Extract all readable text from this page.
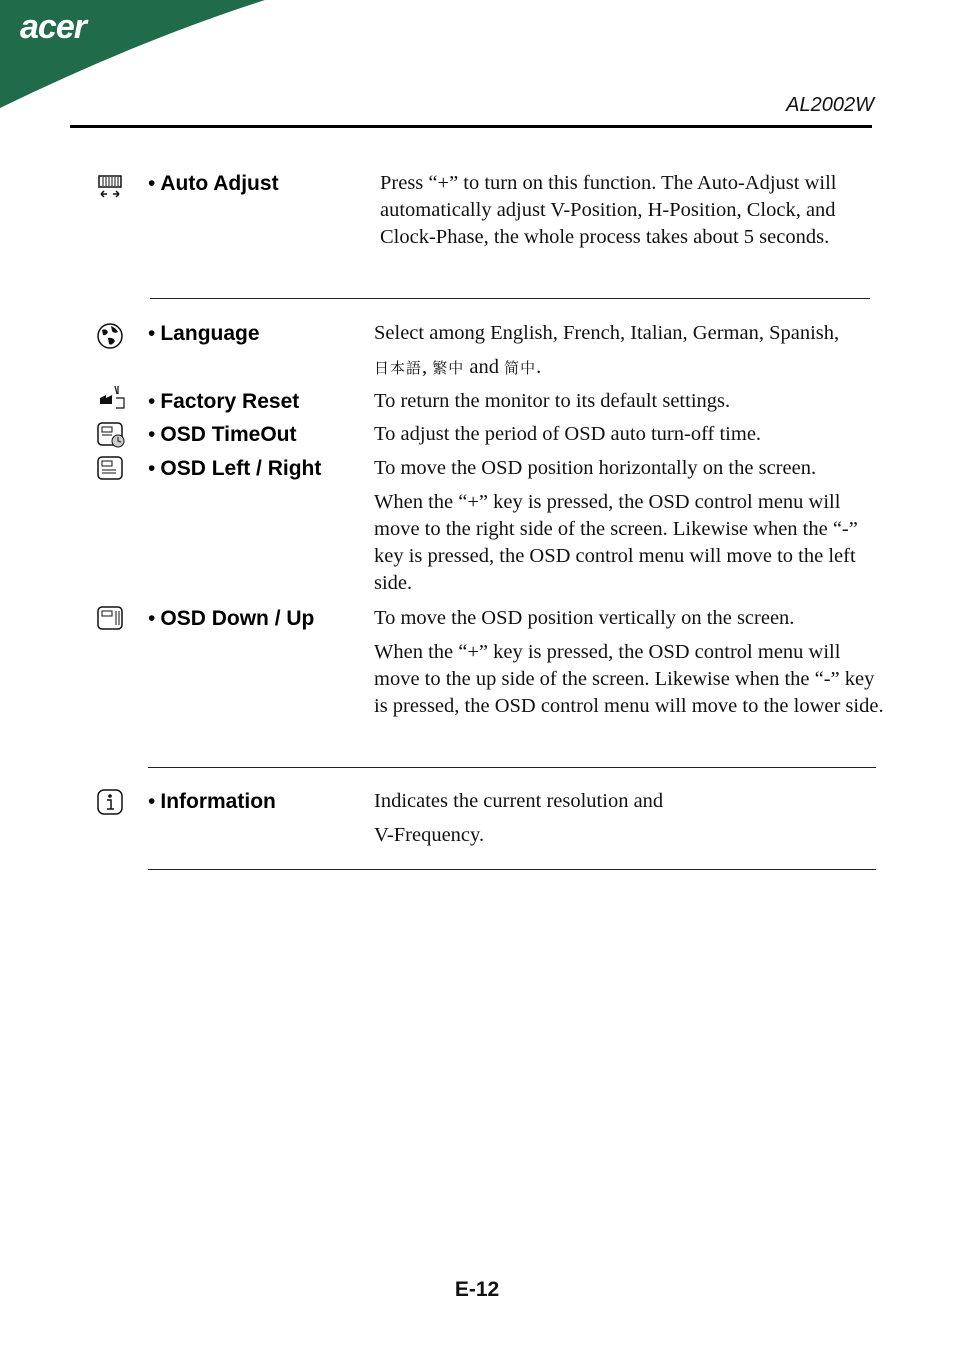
acer
AL2002W
• Auto Adjust	Press “+” to turn on this function. The Auto-Adjust will automatically adjust V-Position, H-Position, Clock, and Clock-Phase, the whole process takes about 5 seconds.

• Language	Select among English, French, Italian, German, Spanish,

日本語, 繁中 and 简中.

• Factory Reset	To return the monitor to its default settings.

• OSD TimeOut	To adjust the period of OSD auto turn-off time.

• OSD Left / Right	To move the OSD position horizontally on the screen.

When the “+” key is pressed, the OSD control menu will move to the right side of the screen. Likewise when the “-” key is pressed, the OSD control menu will move to the left side.

• OSD Down / Up	To move the OSD position vertically on the screen.

When the “+” key is pressed, the OSD control menu will move to the up side of the screen. Likewise when the “-” key is pressed, the OSD control menu will move to the lower side.

• Information	Indicates the current resolution and

V-Frequency.

E-12
